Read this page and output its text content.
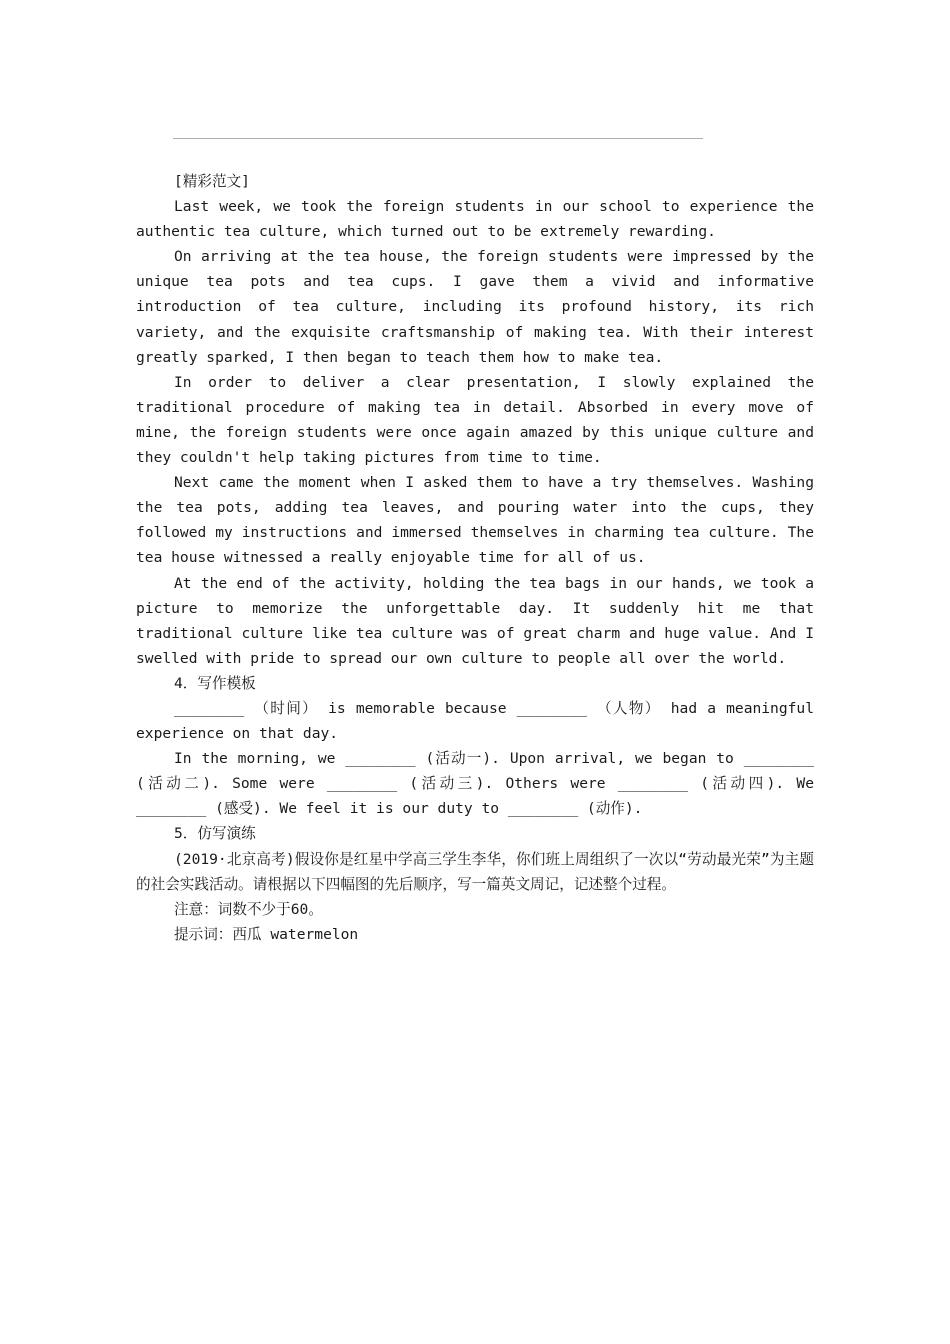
[精彩范文]

Last week, we took the foreign students in our school to experience the authentic tea culture, which turned out to be extremely rewarding.

On arriving at the tea house, the foreign students were impressed by the unique tea pots and tea cups. I gave them a vivid and informative introduction of tea culture, including its profound history, its rich variety, and the exquisite craftsmanship of making tea. With their interest greatly sparked, I then began to teach them how to make tea.

In order to deliver a clear presentation, I slowly explained the traditional procedure of making tea in detail. Absorbed in every move of mine, the foreign students were once again amazed by this unique culture and they couldn't help taking pictures from time to time.

Next came the moment when I asked them to have a try themselves. Washing the tea pots, adding tea leaves, and pouring water into the cups, they followed my instructions and immersed themselves in charming tea culture. The tea house witnessed a really enjoyable time for all of us.

At the end of the activity, holding the tea bags in our hands, we took a picture to memorize the unforgettable day. It suddenly hit me that traditional culture like tea culture was of great charm and huge value. And I swelled with pride to spread our own culture to people all over the world.

4．写作模板

________ （时间） is memorable because ________ （人物） had a meaningful experience on that day.

In the morning, we ________ (活动一). Upon arrival, we began to ________ (活动二). Some were ________ (活动三). Others were ________ (活动四). We ________ (感受). We feel it is our duty to ________ (动作).

5．仿写演练

(2019·北京高考)假设你是红星中学高三学生李华，你们班上周组织了一次以“劳动最光荣”为主题的社会实践活动。请根据以下四幅图的先后顺序，写一篇英文周记，记述整个过程。

注意：词数不少于60。

提示词：西瓜 watermelon
